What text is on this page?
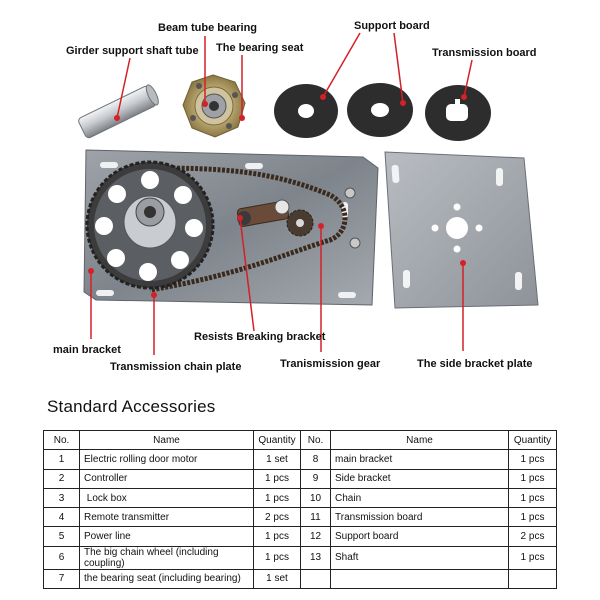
Beam tube bearing
Girder support shaft tube The bearing seat
Support board
Transmission board
Resists Breaking bracket
main bracket
Transmission chain plate	Tranismission gear	The side bracket plate
Standard Accessories
No.	Name	Quantity	No.	Name	Quantity
1	Electric rolling door motor	1 set	8	main bracket	1 pcs
2	Controller	1 pcs	9	Side bracket	1 pcs
3	Lock box	1 pcs	10	Chain	1 pcs
4	Remote transmitter	2 pcs	11	Transmission board	1 pcs
5	Power line	1 pcs	12	Support board	2 pcs
6	The big chain wheel (including coupling)	1 pcs	13	Shaft	1 pcs
7	the bearing seat (including bearing)	1 set			
